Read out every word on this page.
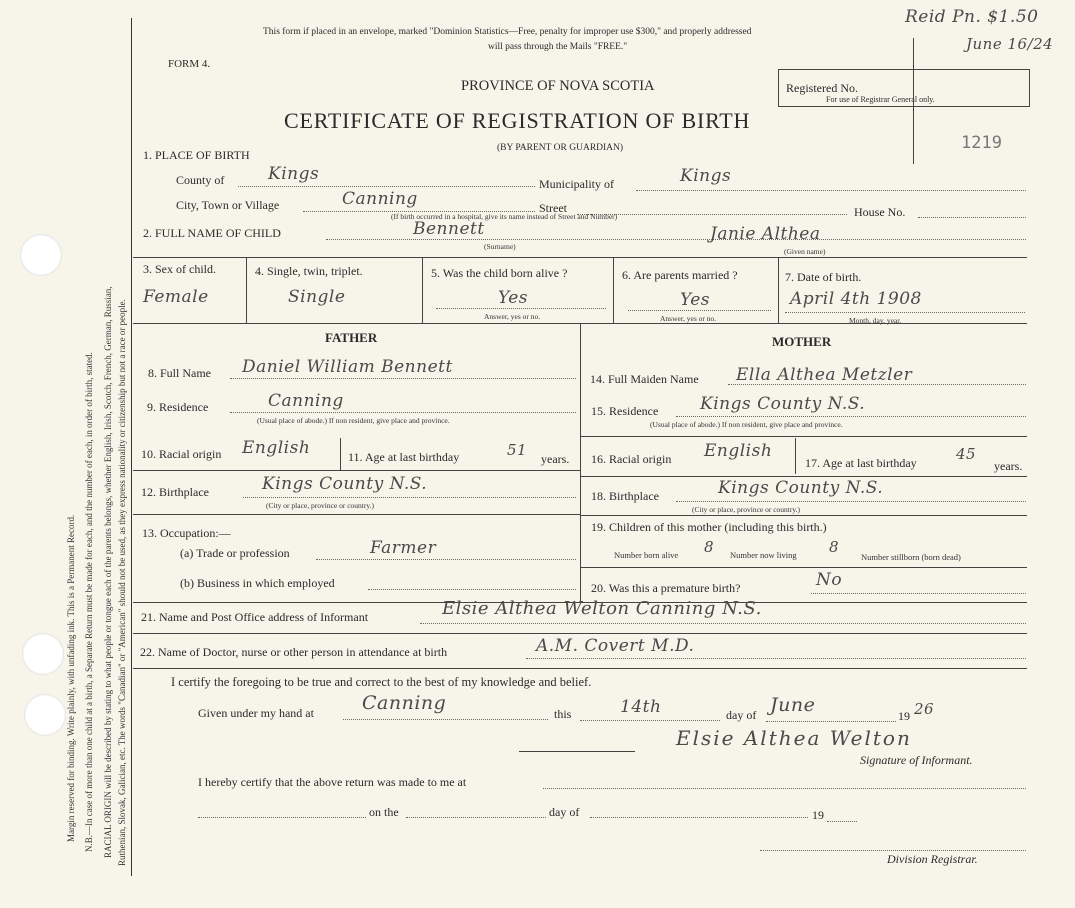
Margin reserved for binding. Write plainly, with unfading ink. This is a Permanent Record. N.B.—In case of more than one child at a birth, a Separate Return must be made for each, and the number of each, in order of birth, stated. RACIAL ORIGIN will be described by stating to what people or tongue each of the parents belongs, whether English, Irish, Scotch, French, German, Russian, Ruthenian, Slovak, Galician, etc. The words "Canadian" or "American" should not be used, as they express nationality or citizenship but not a race or people.
This form if placed in an envelope, marked "Dominion Statistics—Free, penalty for improper use $300," and properly addressed
will pass through the Mails "FREE."
FORM 4.
PROVINCE OF NOVA SCOTIA
CERTIFICATE OF REGISTRATION OF BIRTH
(BY PARENT OR GUARDIAN)
Registered No.
For use of Registrar General only.
1219
Reid Pn. $1.50
June 16/24
1. PLACE OF BIRTH
County of	Kings	Municipality of	Kings
City, Town or Village	Canning	Street	House No.
(If birth occurred in a hospital, give its name instead of Street and Number)
2. FULL NAME OF CHILD	Bennett
(Surname)
Janie Althea
(Given name)
3. Sex of child.
Female
4. Single, twin, triplet.
Single
5. Was the child born alive ?
Yes
Answer, yes or no.
6. Are parents married ?
Yes
Answer, yes or no.
7. Date of birth.
April 4th 1908
Month, day, year.
FATHER	MOTHER
8. Full Name Daniel William Bennett
9. Residence	Canning
(Usual place of abode.) If non resident, give place and province.
10. Racial origin English	11. Age at last birthday	51 years.
12. Birthplace	Kings County N.S.
(City or place, province or country.)
13. Occupation:—
(a) Trade or profession	Farmer
(b) Business in which employed
14. Full Maiden Name Ella Althea Metzler
15. Residence Kings County N.S.
(Usual place of abode.) If non resident, give place and province.
16. Racial origin English
17. Age at last birthday	45
years.
18. Birthplace	Kings County N.S.
(City or place, province or country.)
19. Children of this mother (including this birth.)
Number born alive 8 Number now living 8
Number stillborn (born dead)
20. Was this a premature birth?	No
21. Name and Post Office address of Informant	Elsie Althea Welton Canning N.S.
22. Name of Doctor, nurse or other person in attendance at birth	A.M. Covert M.D.
I certify the foregoing to be true and correct to the best of my knowledge and belief.
Given under my hand at	Canning	this	14th	day of June	19 26
Elsie Althea Welton
Signature of Informant.
I hereby certify that the above return was made to me at
on the	day of	19
Division Registrar.
